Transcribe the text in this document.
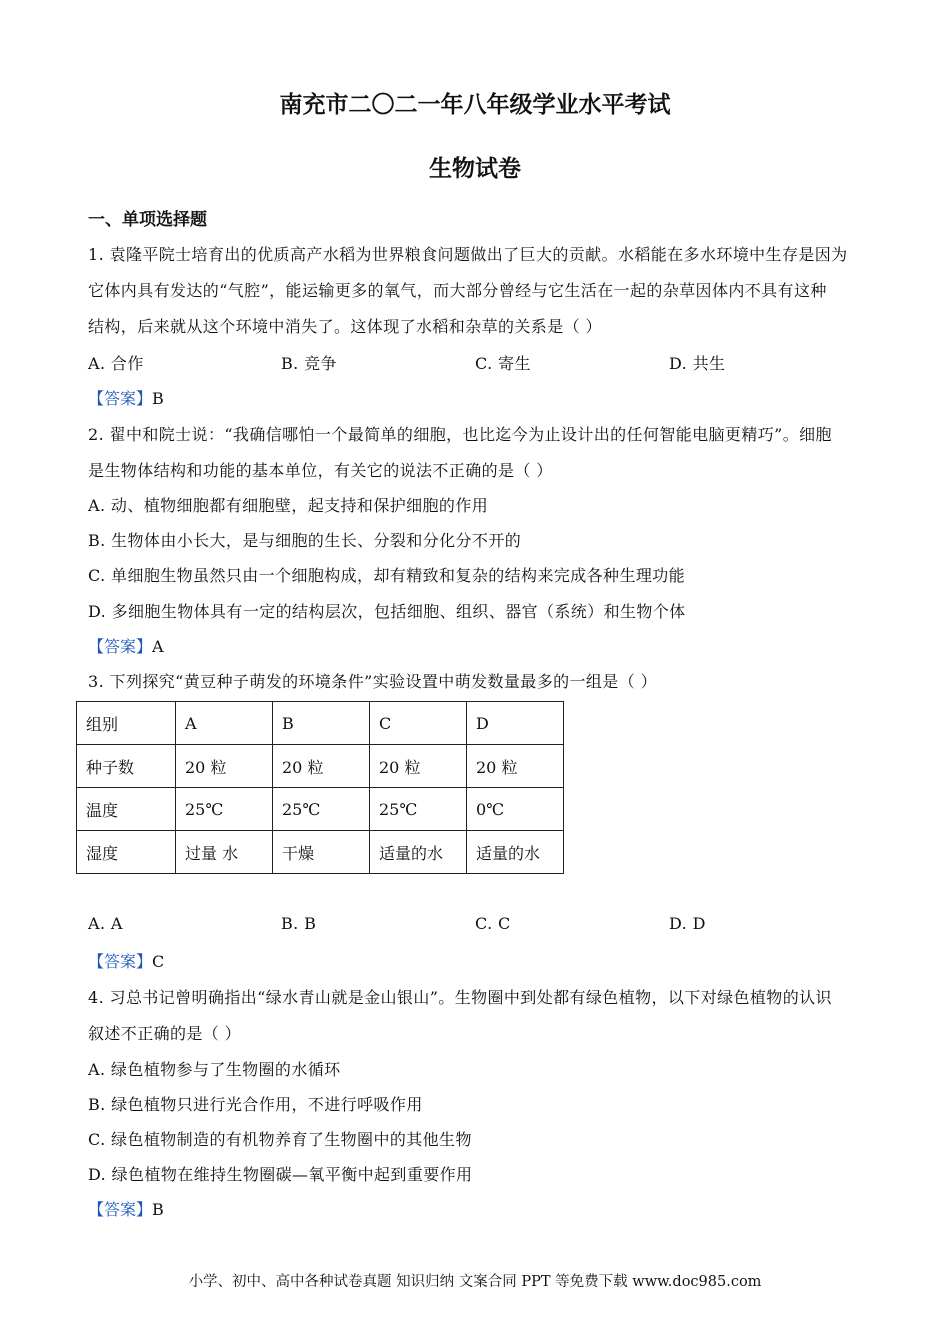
南充市二〇二一年八年级学业水平考试
生物试卷
一、单项选择题
1. 袁隆平院士培育出的优质高产水稻为世界粮食问题做出了巨大的贡献。水稻能在多水环境中生存是因为
它体内具有发达的“气腔”，能运输更多的氧气，而大部分曾经与它生活在一起的杂草因体内不具有这种
结构，后来就从这个环境中消失了。这体现了水稻和杂草的关系是（ ）
A. 合作	B. 竞争	C. 寄生	D. 共生
【答案】B
2. 翟中和院士说：“我确信哪怕一个最简单的细胞，也比迄今为止设计出的任何智能电脑更精巧”。细胞
是生物体结构和功能的基本单位，有关它的说法不正确的是（ ）
A. 动、植物细胞都有细胞壁，起支持和保护细胞的作用
B. 生物体由小长大，是与细胞的生长、分裂和分化分不开的
C. 单细胞生物虽然只由一个细胞构成，却有精致和复杂的结构来完成各种生理功能
D. 多细胞生物体具有一定的结构层次，包括细胞、组织、器官（系统）和生物个体
【答案】A
3. 下列探究“黄豆种子萌发的环境条件”实验设置中萌发数量最多的一组是（ ）
组别	A	B	C	D
种子数	20 粒	20 粒	20 粒	20 粒
温度	25℃	25℃	25℃	0℃
湿度	过量 水	干燥	适量的水	适量的水
A. A	B. B	C. C	D. D
【答案】C
4. 习总书记曾明确指出“绿水青山就是金山银山”。生物圈中到处都有绿色植物，以下对绿色植物的认识
叙述不正确的是（ ）
A. 绿色植物参与了生物圈的水循环
B. 绿色植物只进行光合作用，不进行呼吸作用
C. 绿色植物制造的有机物养育了生物圈中的其他生物
D. 绿色植物在维持生物圈碳—氧平衡中起到重要作用
【答案】B
小学、初中、高中各种试卷真题 知识归纳 文案合同 PPT 等免费下载 www.doc985.com
